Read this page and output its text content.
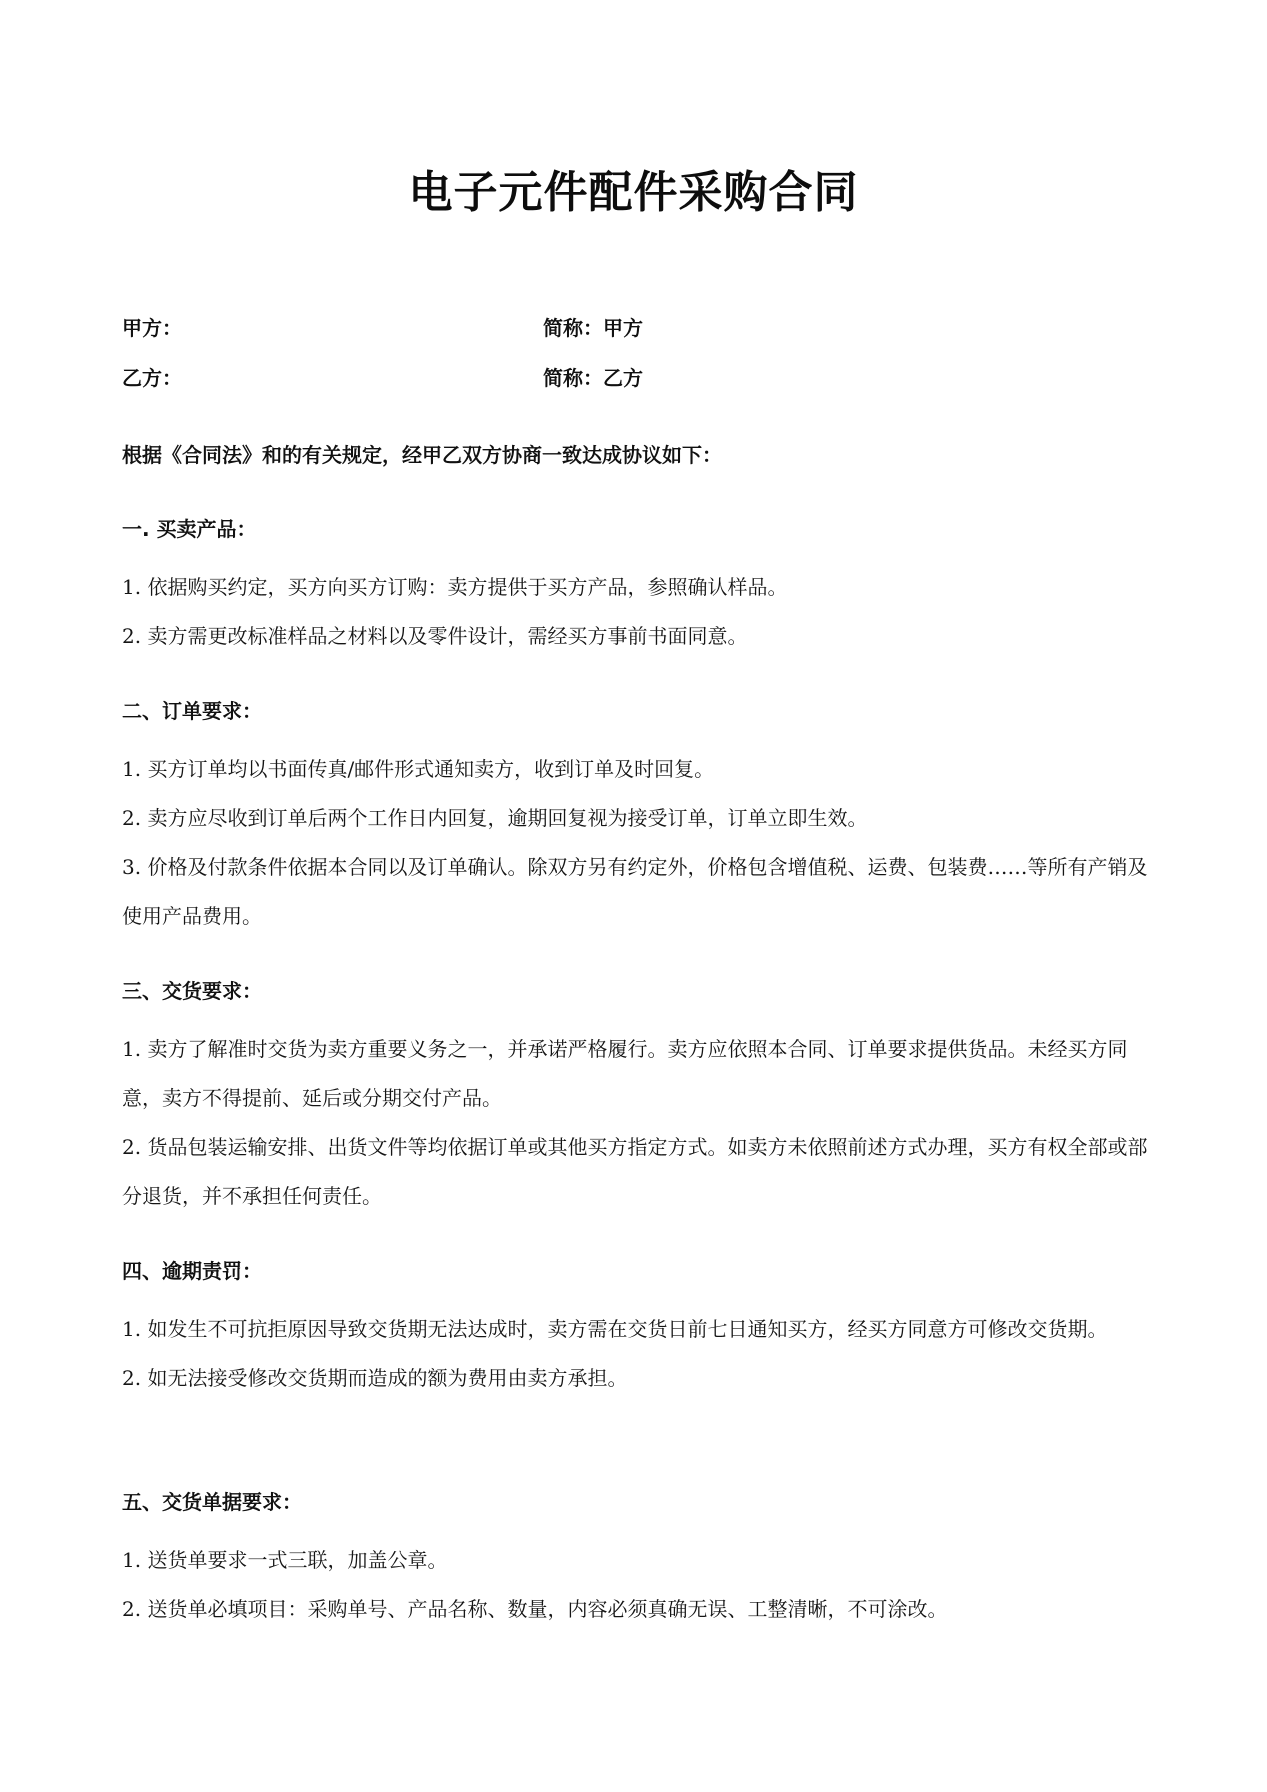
电子元件配件采购合同
甲方：	简称：甲方
乙方：	简称：乙方
根据《合同法》和的有关规定，经甲乙双方协商一致达成协议如下：
一. 买卖产品：

1. 依据购买约定，买方向买方订购：卖方提供于买方产品，参照确认样品。

2. 卖方需更改标准样品之材料以及零件设计，需经买方事前书面同意。

二、订单要求：

1. 买方订单均以书面传真/邮件形式通知卖方，收到订单及时回复。

2. 卖方应尽收到订单后两个工作日内回复，逾期回复视为接受订单，订单立即生效。

3. 价格及付款条件依据本合同以及订单确认。除双方另有约定外，价格包含增值税、运费、包装费……等所有产销及使用产品费用。

三、交货要求：

1. 卖方了解准时交货为卖方重要义务之一，并承诺严格履行。卖方应依照本合同、订单要求提供货品。未经买方同意，卖方不得提前、延后或分期交付产品。

2. 货品包装运输安排、出货文件等均依据订单或其他买方指定方式。如卖方未依照前述方式办理，买方有权全部或部分退货，并不承担任何责任。

四、逾期责罚：

1. 如发生不可抗拒原因导致交货期无法达成时，卖方需在交货日前七日通知买方，经买方同意方可修改交货期。

2. 如无法接受修改交货期而造成的额为费用由卖方承担。

五、交货单据要求：

1. 送货单要求一式三联，加盖公章。

2. 送货单必填项目：采购单号、产品名称、数量，内容必须真确无误、工整清晰，不可涂改。
